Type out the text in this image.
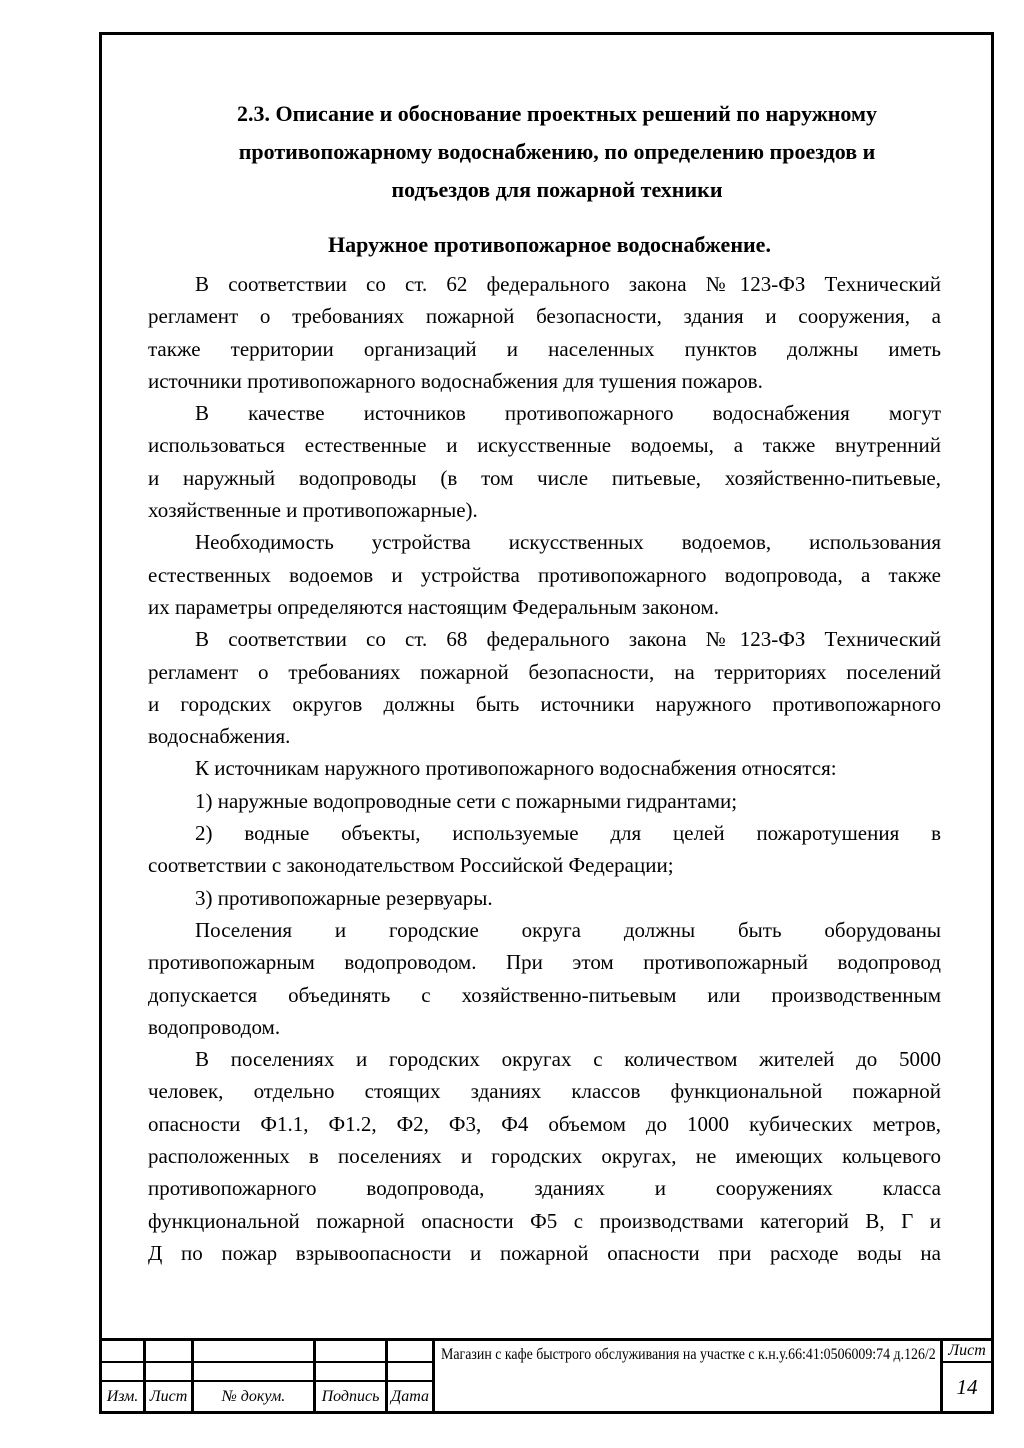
2.3. Описание и обоснование проектных решений по наружному
противопожарному водоснабжению, по определению проездов и
подъездов для пожарной техники
Наружное противопожарное водоснабжение.
В соответствии со ст. 62 федерального закона №123-ФЗ Технический
регламент о требованиях пожарной безопасности, здания и сооружения, а
также территории организаций и населенных пунктов должны иметь
источники противопожарного водоснабжения для тушения пожаров.
В качестве источников противопожарного водоснабжения могут
использоваться естественные и искусственные водоемы, а также внутренний
и наружный водопроводы (в том числе питьевые, хозяйственно-питьевые,
хозяйственные и противопожарные).
Необходимость устройства искусственных водоемов, использования
естественных водоемов и устройства противопожарного водопровода, а также
их параметры определяются настоящим Федеральным законом.
В соответствии со ст. 68 федерального закона №123-ФЗ Технический
регламент о требованиях пожарной безопасности, на территориях поселений
и городских округов должны быть источники наружного противопожарного
водоснабжения.
К источникам наружного противопожарного водоснабжения относятся:
1) наружные водопроводные сети с пожарными гидрантами;
2) водные объекты, используемые для целей пожаротушения в
соответствии с законодательством Российской Федерации;
3) противопожарные резервуары.
Поселения и городские округа должны быть оборудованы
противопожарным водопроводом. При этом противопожарный водопровод
допускается объединять с хозяйственно-питьевым или производственным
водопроводом.
В поселениях и городских округах с количеством жителей до 5000
человек, отдельно стоящих зданиях классов функциональной пожарной
опасности Ф1.1, Ф1.2, Ф2, Ф3, Ф4 объемом до 1000 кубических метров,
расположенных в поселениях и городских округах, не имеющих кольцевого
противопожарного водопровода, зданиях и сооружениях класса
функциональной пожарной опасности Ф5 с производствами категорий В, Г и
Д по пожар взрывоопасности и пожарной опасности при расходе воды на
Изм. Лист	№ докум.	Подпись Дата
Магазин с кафе быстрого обслуживания на участке с к.н.у.66:41:0506009:74 д.126/2 Лист
14
